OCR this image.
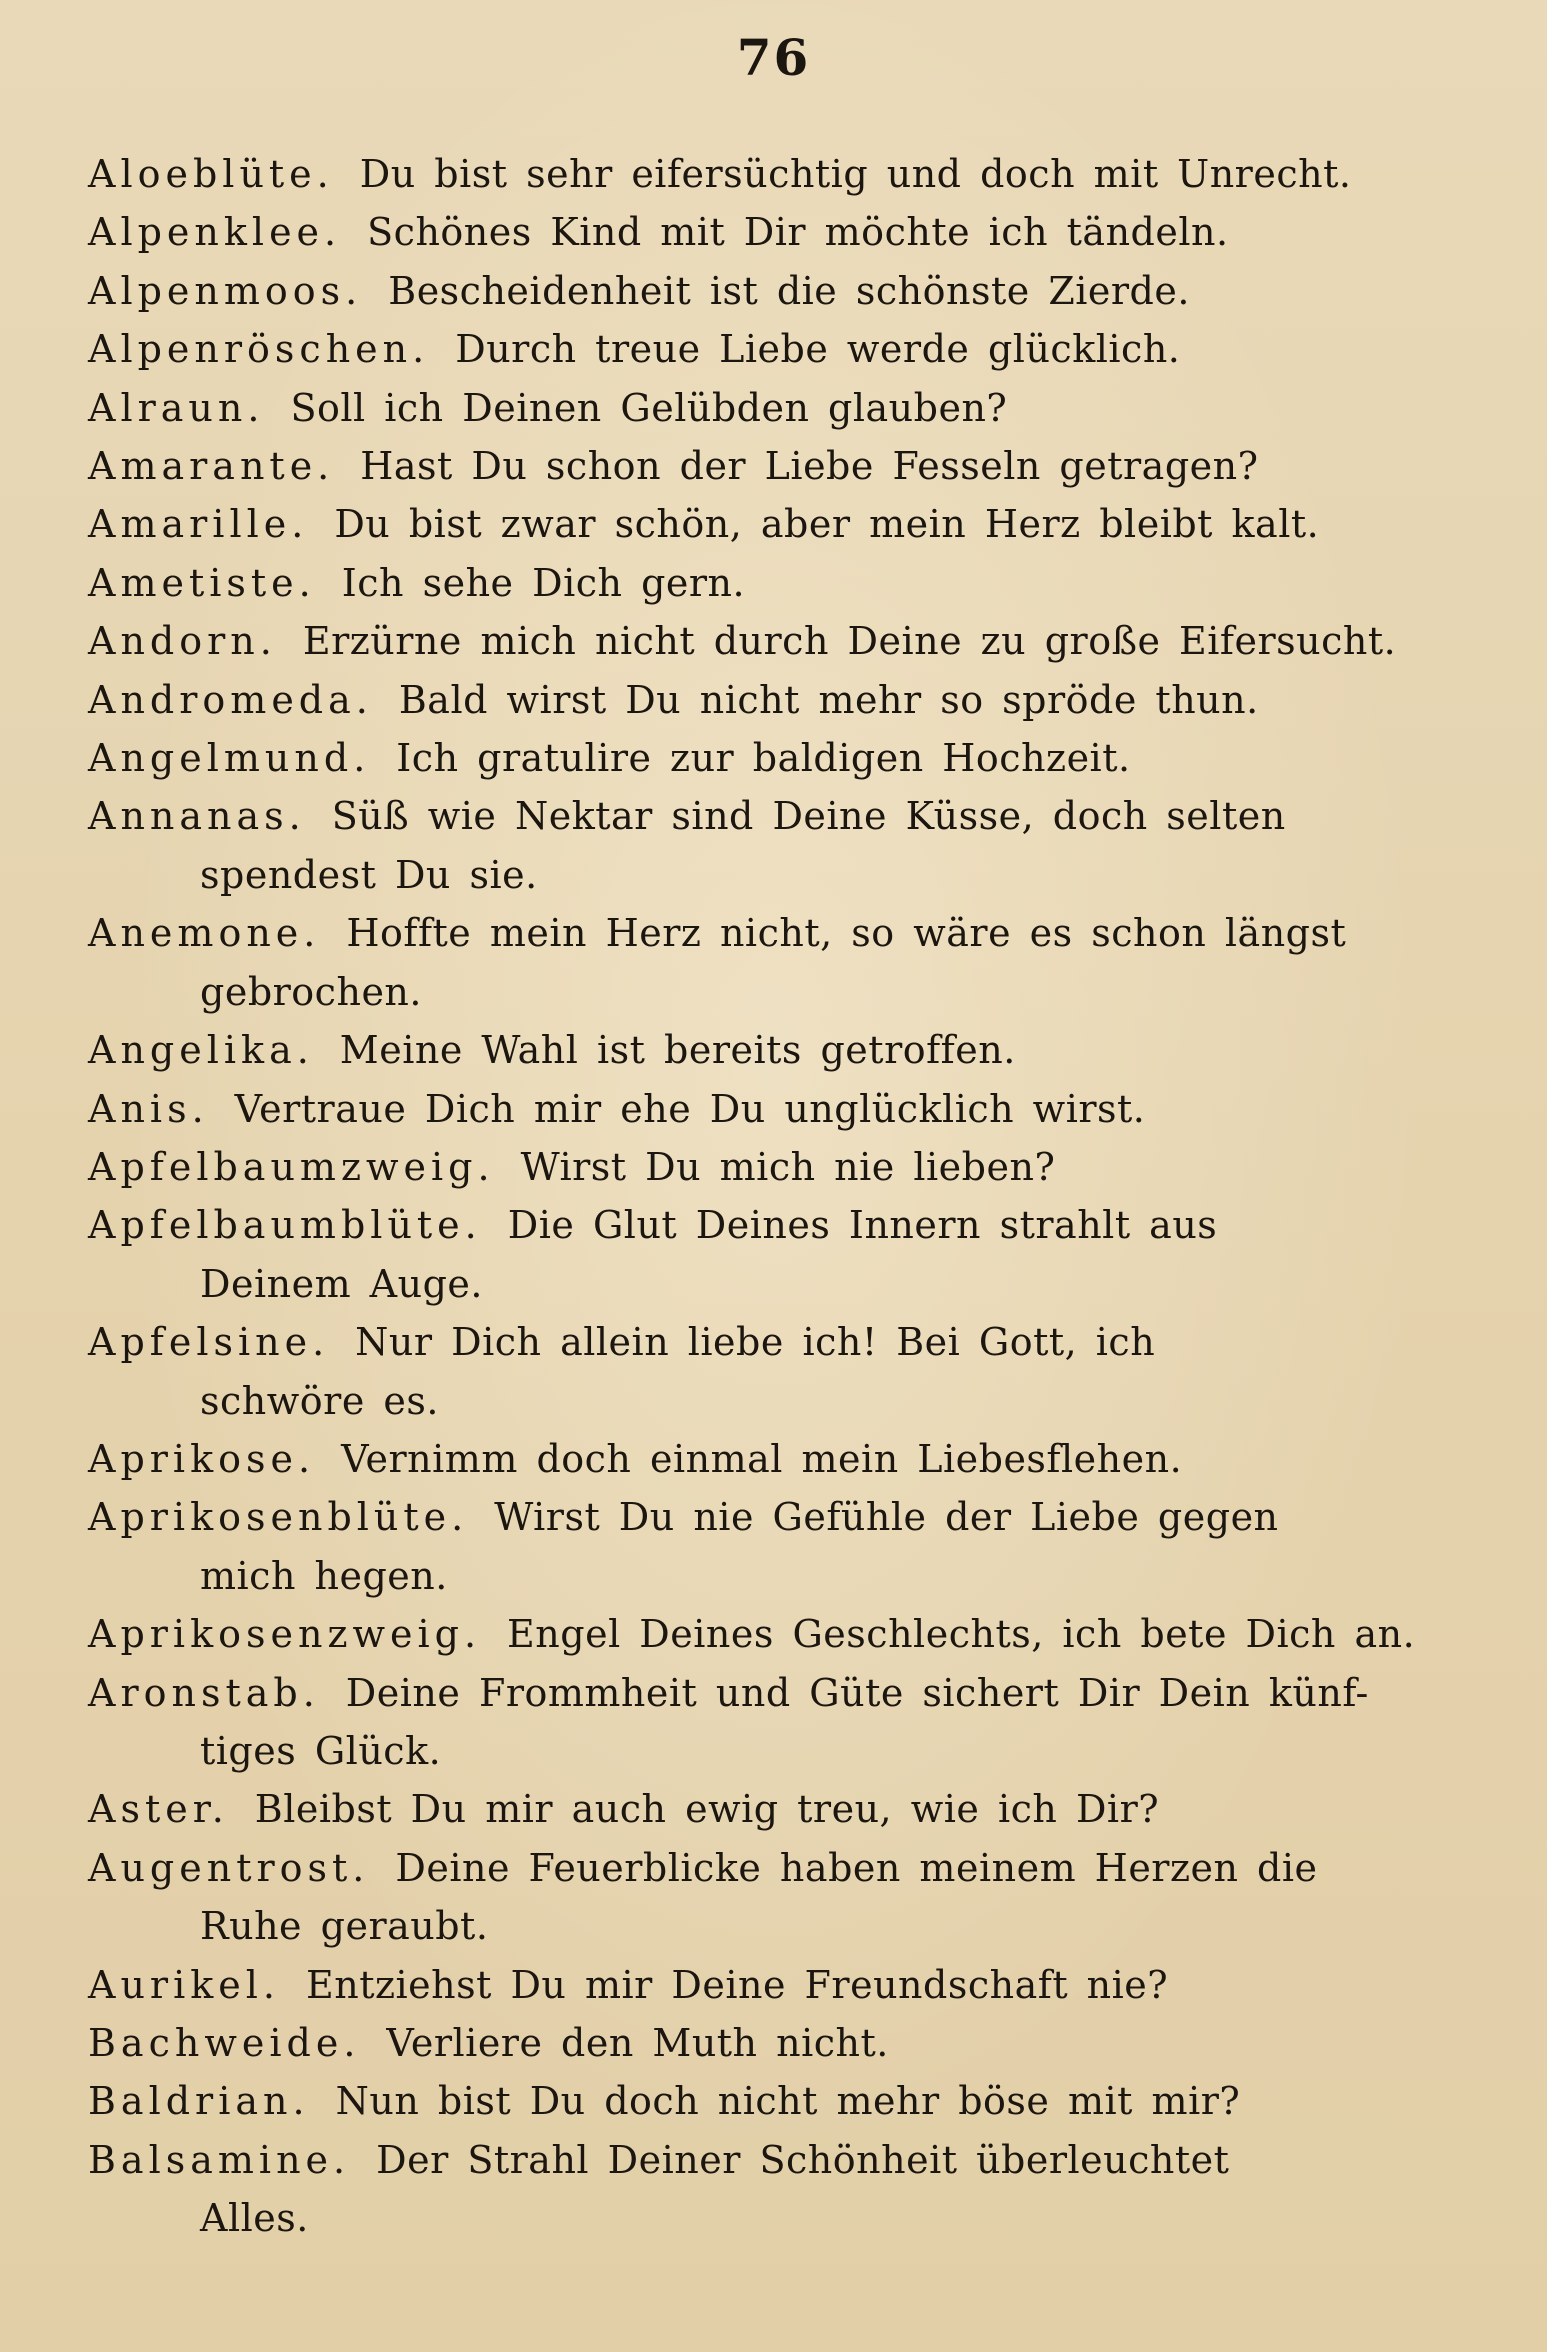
76
Aloeblüte. Du bist sehr eifersüchtig und doch mit Unrecht.
Alpenklee. Schönes Kind mit Dir möchte ich tändeln.
Alpenmoos. Bescheidenheit ist die schönste Zierde.
Alpenröschen. Durch treue Liebe werde glücklich.
Alraun. Soll ich Deinen Gelübden glauben?
Amarante. Hast Du schon der Liebe Fesseln getragen?
Amarille. Du bist zwar schön, aber mein Herz bleibt kalt.
Ametiste. Ich sehe Dich gern.
Andorn. Erzürne mich nicht durch Deine zu große Eifersucht.
Andromeda. Bald wirst Du nicht mehr so spröde thun.
Angelmund. Ich gratulire zur baldigen Hochzeit.
Annanas. Süß wie Nektar sind Deine Küsse, doch selten
spendest Du sie.
Anemone. Hoffte mein Herz nicht, so wäre es schon längst
gebrochen.
Angelika. Meine Wahl ist bereits getroffen.
Anis. Vertraue Dich mir ehe Du unglücklich wirst.
Apfelbaumzweig. Wirst Du mich nie lieben?
Apfelbaumblüte. Die Glut Deines Innern strahlt aus
Deinem Auge.
Apfelsine. Nur Dich allein liebe ich! Bei Gott, ich
schwöre es.
Aprikose. Vernimm doch einmal mein Liebesflehen.
Aprikosenblüte. Wirst Du nie Gefühle der Liebe gegen
mich hegen.
Aprikosenzweig. Engel Deines Geschlechts, ich bete Dich an.
Aronstab. Deine Frommheit und Güte sichert Dir Dein künf-
tiges Glück.
Aster. Bleibst Du mir auch ewig treu, wie ich Dir?
Augentrost. Deine Feuerblicke haben meinem Herzen die
Ruhe geraubt.
Aurikel. Entziehst Du mir Deine Freundschaft nie?
Bachweide. Verliere den Muth nicht.
Baldrian. Nun bist Du doch nicht mehr böse mit mir?
Balsamine. Der Strahl Deiner Schönheit überleuchtet
Alles.
